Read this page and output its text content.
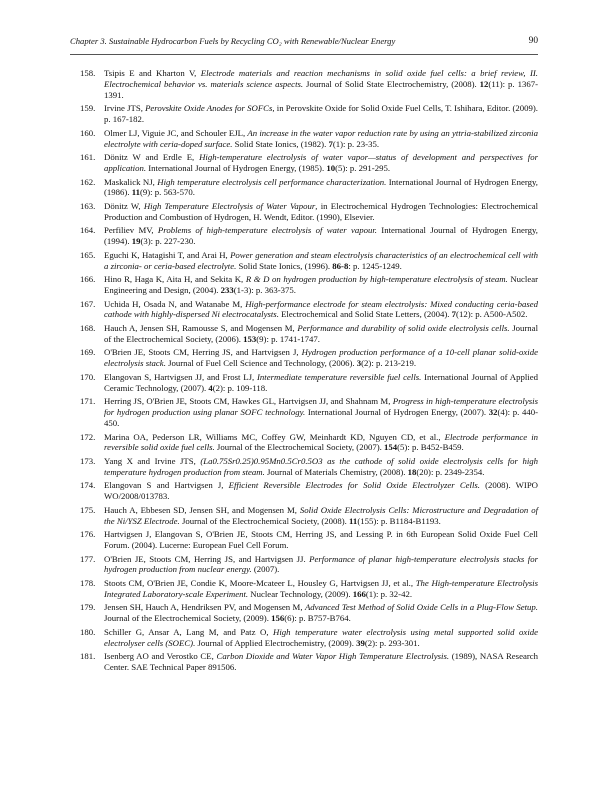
Chapter 3. Sustainable Hydrocarbon Fuels by Recycling CO₂ with Renewable/Nuclear Energy	90
158. Tsipis E and Kharton V, Electrode materials and reaction mechanisms in solid oxide fuel cells: a brief review, II. Electrochemical behavior vs. materials science aspects. Journal of Solid State Electrochemistry, (2008). 12(11): p. 1367-1391.
159. Irvine JTS, Perovskite Oxide Anodes for SOFCs, in Perovskite Oxide for Solid Oxide Fuel Cells, T. Ishihara, Editor. (2009). p. 167-182.
160. Olmer LJ, Viguie JC, and Schouler EJL, An increase in the water vapor reduction rate by using an yttria-stabilized zirconia electrolyte with ceria-doped surface. Solid State Ionics, (1982). 7(1): p. 23-35.
161. Dönitz W and Erdle E, High-temperature electrolysis of water vapor—status of development and perspectives for application. International Journal of Hydrogen Energy, (1985). 10(5): p. 291-295.
162. Maskalick NJ, High temperature electrolysis cell performance characterization. International Journal of Hydrogen Energy, (1986). 11(9): p. 563-570.
163. Dönitz W, High Temperature Electrolysis of Water Vapour, in Electrochemical Hydrogen Technologies: Electrochemical Production and Combustion of Hydrogen, H. Wendt, Editor. (1990), Elsevier.
164. Perfiliev MV, Problems of high-temperature electrolysis of water vapour. International Journal of Hydrogen Energy, (1994). 19(3): p. 227-230.
165. Eguchi K, Hatagishi T, and Arai H, Power generation and steam electrolysis characteristics of an electrochemical cell with a zirconia- or ceria-based electrolyte. Solid State Ionics, (1996). 86-8: p. 1245-1249.
166. Hino R, Haga K, Aita H, and Sekita K, R & D on hydrogen production by high-temperature electrolysis of steam. Nuclear Engineering and Design, (2004). 233(1-3): p. 363-375.
167. Uchida H, Osada N, and Watanabe M, High-performance electrode for steam electrolysis: Mixed conducting ceria-based cathode with highly-dispersed Ni electrocatalysts. Electrochemical and Solid State Letters, (2004). 7(12): p. A500-A502.
168. Hauch A, Jensen SH, Ramousse S, and Mogensen M, Performance and durability of solid oxide electrolysis cells. Journal of the Electrochemical Society, (2006). 153(9): p. 1741-1747.
169. O'Brien JE, Stoots CM, Herring JS, and Hartvigsen J, Hydrogen production performance of a 10-cell planar solid-oxide electrolysis stack. Journal of Fuel Cell Science and Technology, (2006). 3(2): p. 213-219.
170. Elangovan S, Hartvigsen JJ, and Frost LJ, Intermediate temperature reversible fuel cells. International Journal of Applied Ceramic Technology, (2007). 4(2): p. 109-118.
171. Herring JS, O'Brien JE, Stoots CM, Hawkes GL, Hartvigsen JJ, and Shahnam M, Progress in high-temperature electrolysis for hydrogen production using planar SOFC technology. International Journal of Hydrogen Energy, (2007). 32(4): p. 440-450.
172. Marina OA, Pederson LR, Williams MC, Coffey GW, Meinhardt KD, Nguyen CD, et al., Electrode performance in reversible solid oxide fuel cells. Journal of the Electrochemical Society, (2007). 154(5): p. B452-B459.
173. Yang X and Irvine JTS, (La0.75Sr0.25)0.95Mn0.5Cr0.5O3 as the cathode of solid oxide electrolysis cells for high temperature hydrogen production from steam. Journal of Materials Chemistry, (2008). 18(20): p. 2349-2354.
174. Elangovan S and Hartvigsen J, Efficient Reversible Electrodes for Solid Oxide Electrolyzer Cells. (2008). WIPO WO/2008/013783.
175. Hauch A, Ebbesen SD, Jensen SH, and Mogensen M, Solid Oxide Electrolysis Cells: Microstructure and Degradation of the Ni/YSZ Electrode. Journal of the Electrochemical Society, (2008). 11(155): p. B1184-B1193.
176. Hartvigsen J, Elangovan S, O'Brien JE, Stoots CM, Herring JS, and Lessing P. in 6th European Solid Oxide Fuel Cell Forum. (2004). Lucerne: European Fuel Cell Forum.
177. O'Brien JE, Stoots CM, Herring JS, and Hartvigsen JJ. Performance of planar high-temperature electrolysis stacks for hydrogen production from nuclear energy. (2007).
178. Stoots CM, O'Brien JE, Condie K, Moore-Mcateer L, Housley G, Hartvigsen JJ, et al., The High-temperature Electrolysis Integrated Laboratory-scale Experiment. Nuclear Technology, (2009). 166(1): p. 32-42.
179. Jensen SH, Hauch A, Hendriksen PV, and Mogensen M, Advanced Test Method of Solid Oxide Cells in a Plug-Flow Setup. Journal of the Electrochemical Society, (2009). 156(6): p. B757-B764.
180. Schiller G, Ansar A, Lang M, and Patz O, High temperature water electrolysis using metal supported solid oxide electrolyser cells (SOEC). Journal of Applied Electrochemistry, (2009). 39(2): p. 293-301.
181. Isenberg AO and Verostko CE, Carbon Dioxide and Water Vapor High Temperature Electrolysis. (1989), NASA Research Center. SAE Technical Paper 891506.
